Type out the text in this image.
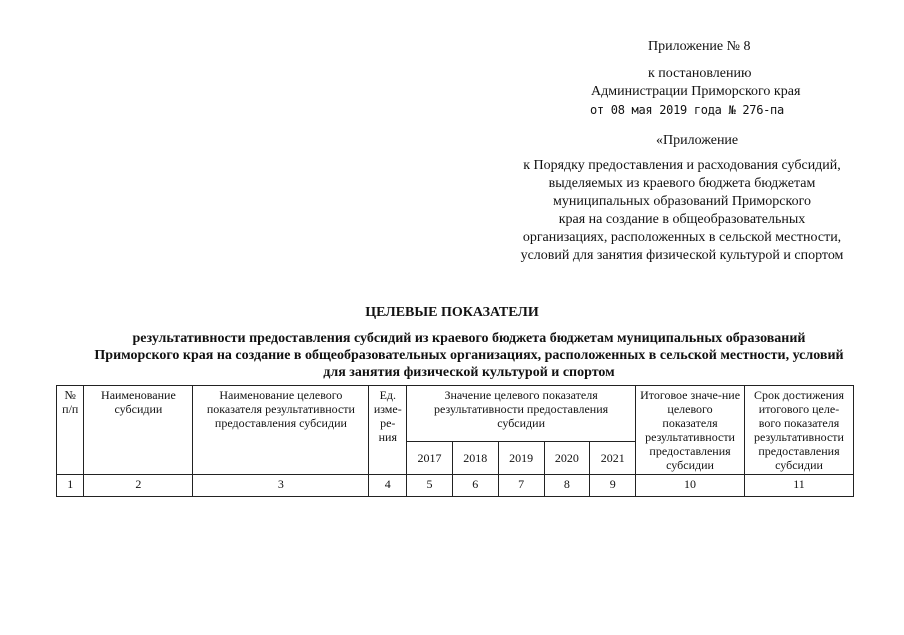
Приложение № 8
к постановлению
Администрации Приморского края
от 08 мая 2019 года № 276-па
«Приложение
к Порядку предоставления и расходования субсидий,
выделяемых из краевого бюджета бюджетам
муниципальных образований Приморского
края на создание в общеобразовательных
организациях, расположенных в сельской местности,
условий для занятия физической культурой и спортом
ЦЕЛЕВЫЕ ПОКАЗАТЕЛИ
результативности предоставления субсидий из краевого бюджета бюджетам муниципальных образований
Приморского края на создание в общеобразовательных организациях, расположенных в сельской местности, условий
для занятия физической культурой и спортом
№ п/п	Наименование субсидии	Наименование целевого показателя результативности предоставления субсидии	Ед. изме-ре-ния	Значение целевого показателя результативности предоставления субсидии					Итоговое значе-ние целевого показателя результативности предоставления субсидии	Срок достижения итогового целе-вого показателя результативности предоставления субсидии
				2017	2018	2019	2020	2021		
1	2	3	4	5	6	7	8	9	10	11
